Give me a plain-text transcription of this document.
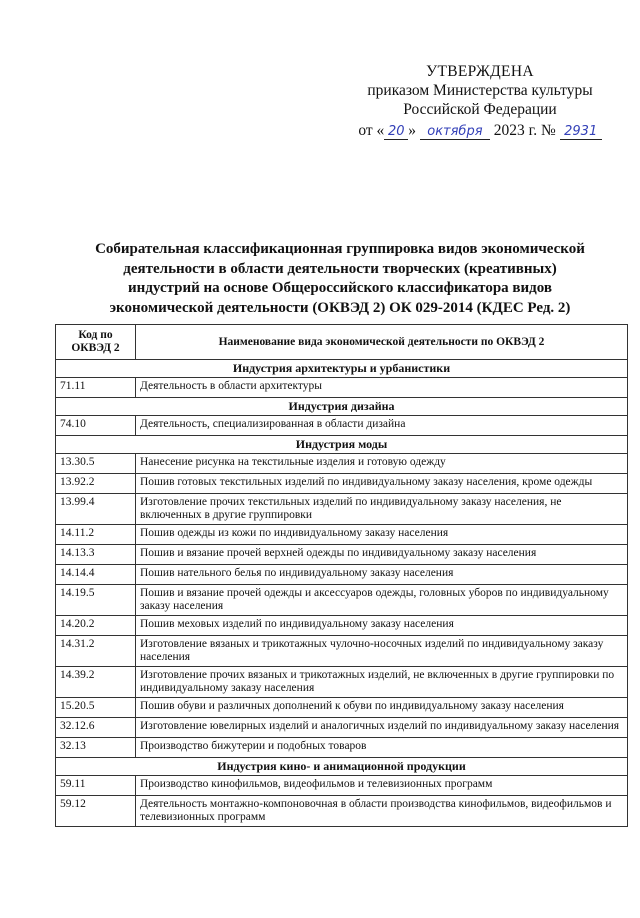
УТВЕРЖДЕНА
приказом Министерства культуры
Российской Федерации
от « 20 » октября 2023 г. № 2931
Собирательная классификационная группировка видов экономической
деятельности в области деятельности творческих (креативных)
индустрий на основе Общероссийского классификатора видов
экономической деятельности (ОКВЭД 2) ОК 029-2014 (КДЕС Ред. 2)
Код по ОКВЭД 2	Наименование вида экономической деятельности по ОКВЭД 2
Индустрия архитектуры и урбанистики	
71.11	Деятельность в области архитектуры
Индустрия дизайна	
74.10	Деятельность, специализированная в области дизайна
Индустрия моды	
13.30.5	Нанесение рисунка на текстильные изделия и готовую одежду
13.92.2	Пошив готовых текстильных изделий по индивидуальному заказу населения, кроме одежды
13.99.4	Изготовление прочих текстильных изделий по индивидуальному заказу населения, не включенных в другие группировки
14.11.2	Пошив одежды из кожи по индивидуальному заказу населения
14.13.3	Пошив и вязание прочей верхней одежды по индивидуальному заказу населения
14.14.4	Пошив нательного белья по индивидуальному заказу населения
14.19.5	Пошив и вязание прочей одежды и аксессуаров одежды, головных уборов по индивидуальному заказу населения
14.20.2	Пошив меховых изделий по индивидуальному заказу населения
14.31.2	Изготовление вязаных и трикотажных чулочно-носочных изделий по индивидуальному заказу населения
14.39.2	Изготовление прочих вязаных и трикотажных изделий, не включенных в другие группировки по индивидуальному заказу населения
15.20.5	Пошив обуви и различных дополнений к обуви по индивидуальному заказу населения
32.12.6	Изготовление ювелирных изделий и аналогичных изделий по индивидуальному заказу населения
32.13	Производство бижутерии и подобных товаров
Индустрия кино- и анимационной продукции	
59.11	Производство кинофильмов, видеофильмов и телевизионных программ
59.12	Деятельность монтажно-компоновочная в области производства кинофильмов, видеофильмов и телевизионных программ
